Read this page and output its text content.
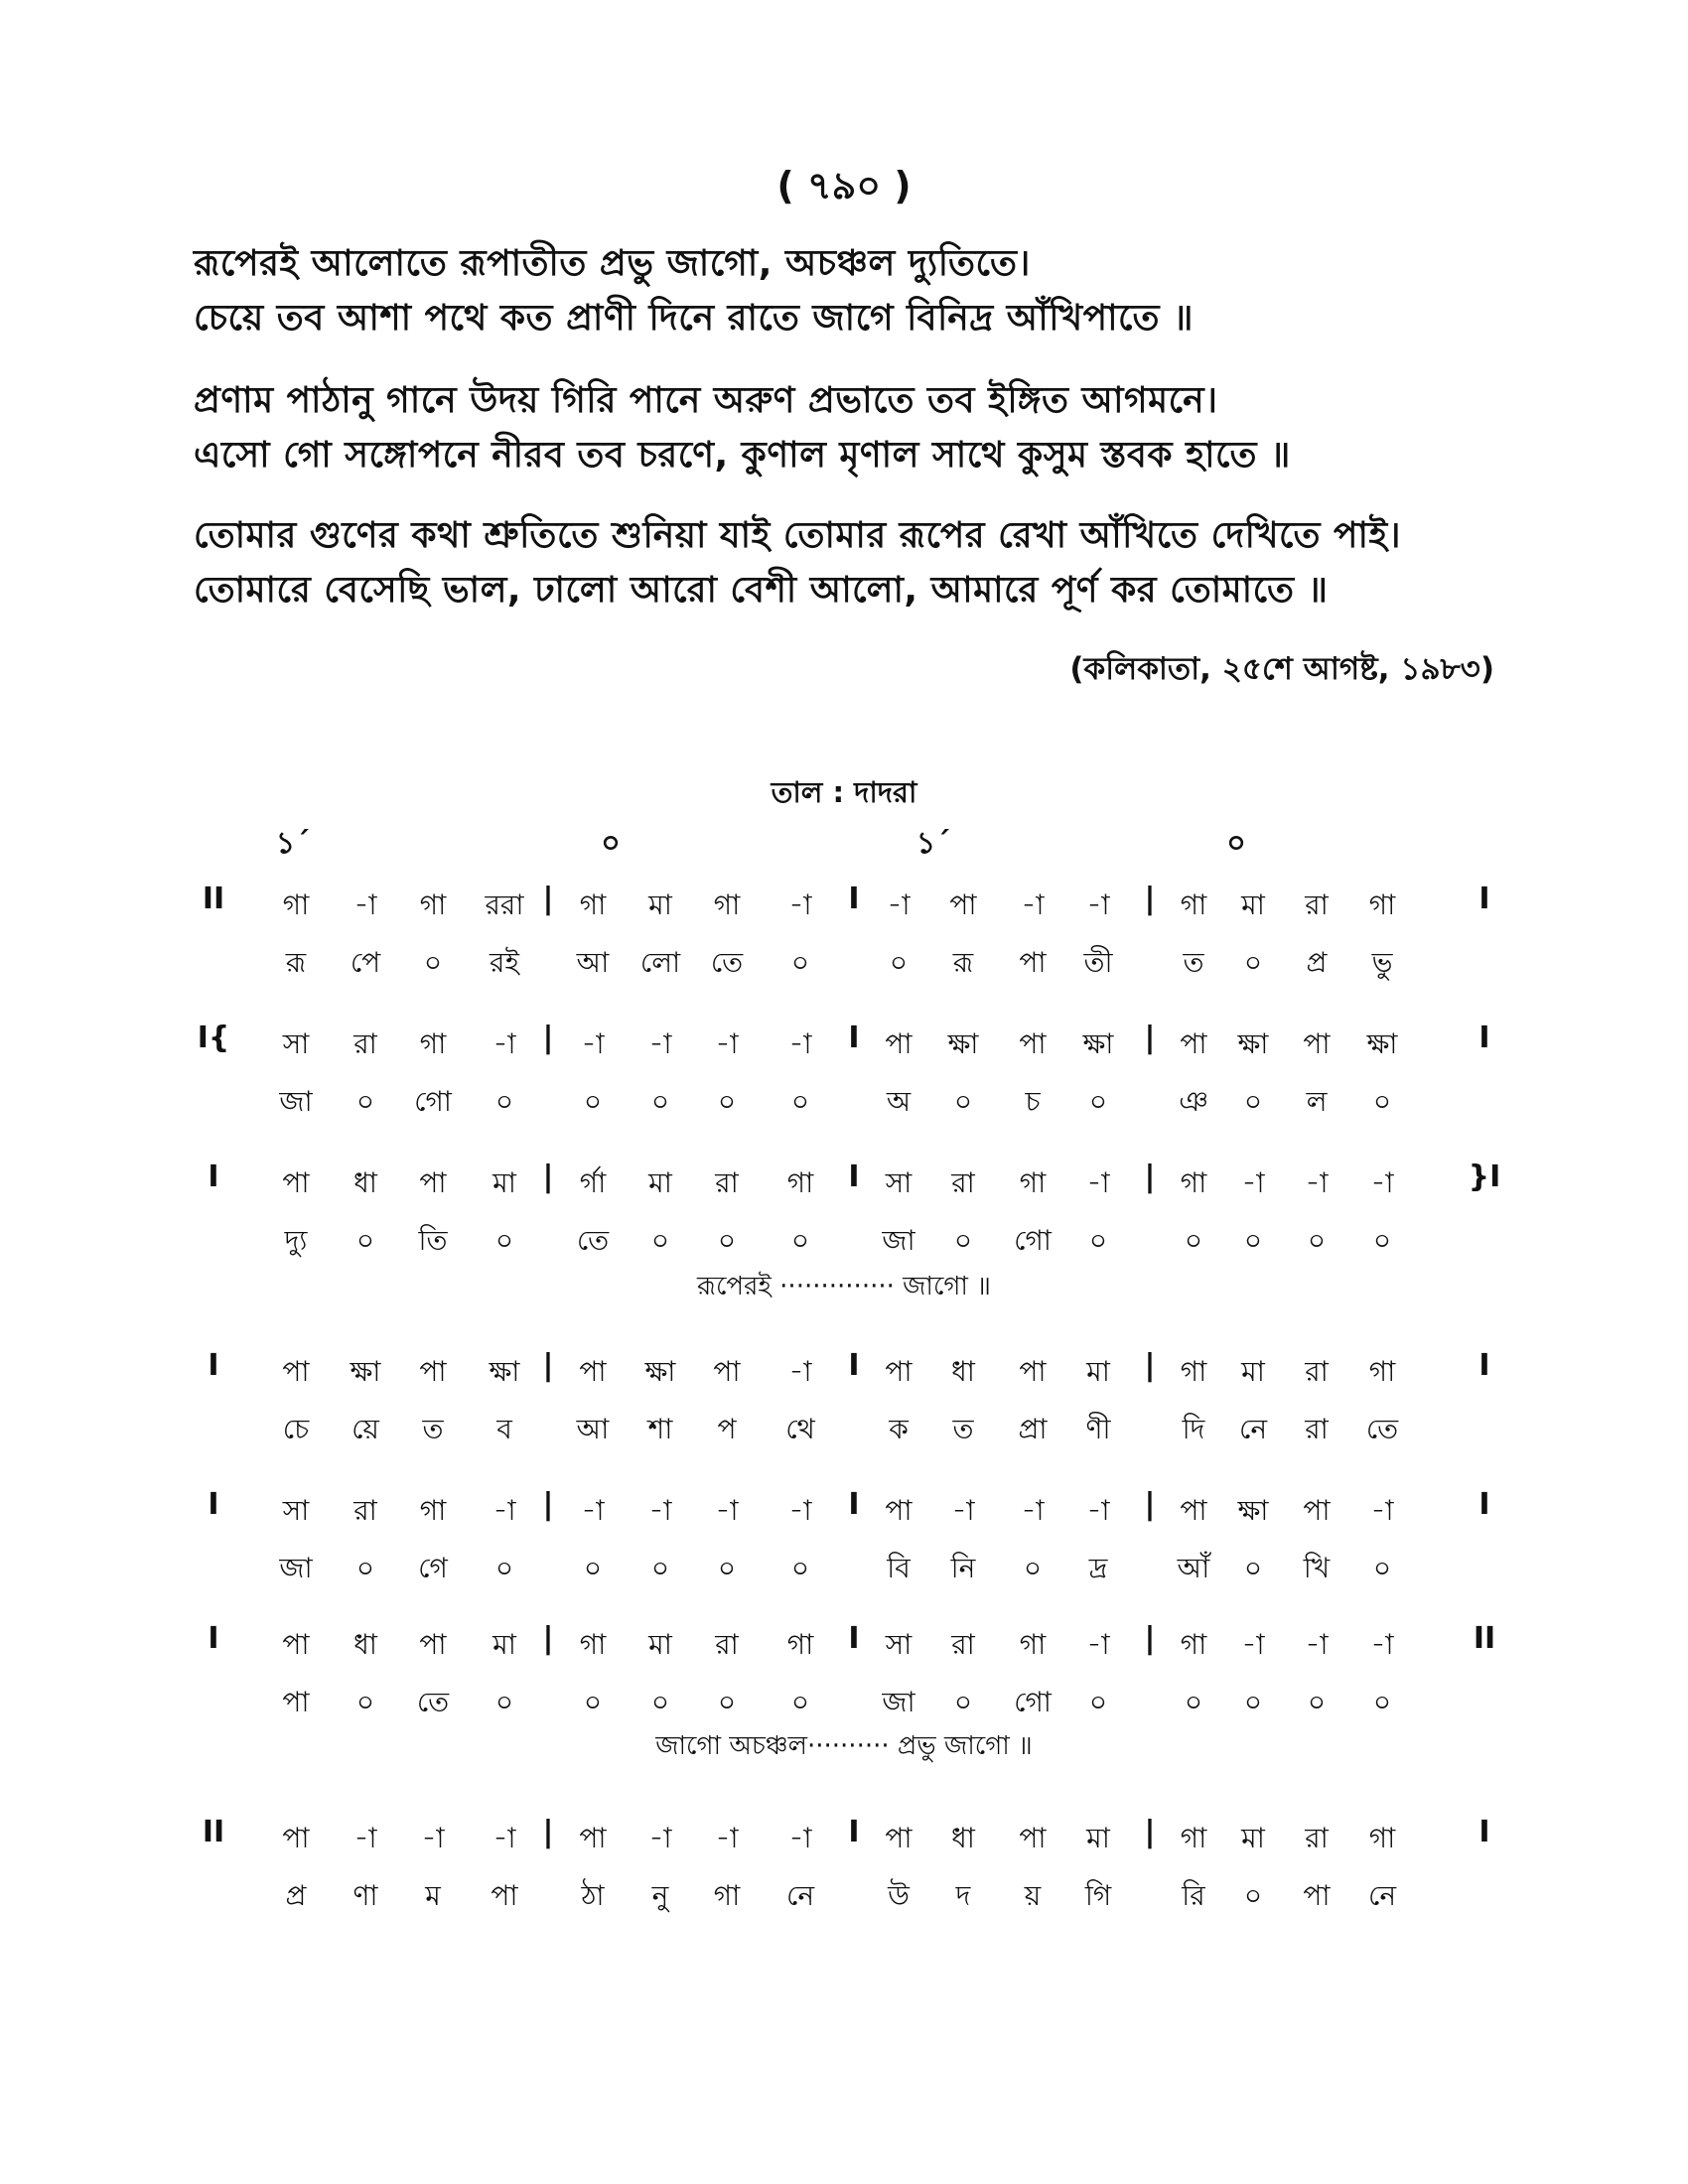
( ৭৯০ )
রূপেরই আলোতে রূপাতীত প্রভু জাগো, অচঞ্চল দ্যুতিতে।
চেয়ে তব আশা পথে কত প্রাণী দিনে রাতে জাগে বিনিদ্র আঁখিপাতে ॥
প্রণাম পাঠানু গানে উদয় গিরি পানে অরুণ প্রভাতে তব ইঙ্গিত আগমনে।
এসো গো সঙ্গোপনে নীরব তব চরণে, কুণাল মৃণাল সাথে কুসুম স্তবক হাতে ॥
তোমার গুণের কথা শ্রুতিতে শুনিয়া যাই তোমার রূপের রেখা আঁখিতে দেখিতে পাই।
তোমারে বেসেছি ভাল, ঢালো আরো বেশী আলো, আমারে পূর্ণ কর তোমাতে ॥
(কলিকাতা, ২৫শে আগষ্ট, ১৯৮৩)
তাল : দাদরা
১´	০	১´	০
II	I
|	I	|
গা	-া	গা	ররা	গা	মা	গা	-া	-া	পা	-া	-া	গা	মা	রা	গা
রূ	পে	০	রই	আ	লো	তে	০	০	রূ	পা	তী	ত	০	প্র	ভু
I{	I
|	I	|
সা	রা	গা	-া	-া	-া	-া	-া	পা	ক্ষা	পা	ক্ষা	পা	ক্ষা	পা	ক্ষা
জা	০	গো	০	০	০	০	০	অ	০	চ	০	ঞ	০	ল	০
I	}I
|	I	|
পা	ধা	পা	মা	র্গা	মা	রা	গা	সা	রা	গা	-া	গা	-া	-া	-া
দ্যু	০	তি	০	তে	০	০	০	জা	০	গো	০	০	০	০	০
রূপেরই ·············· জাগো ॥
I	I
|	I	|
পা	ক্ষা	পা	ক্ষা	পা	ক্ষা	পা	-া	পা	ধা	পা	মা	গা	মা	রা	গা
চে	য়ে	ত	ব	আ	শা	প	থে	ক	ত	প্রা	ণী	দি	নে	রা	তে
I	I
|	I	|
সা	রা	গা	-া	-া	-া	-া	-া	পা	-া	-া	-া	পা	ক্ষা	পা	-া
জা	০	গে	০	০	০	০	০	বি	নি	০	দ্র	আঁ	০	খি	০
I	II
|	I	|
পা	ধা	পা	মা	গা	মা	রা	গা	সা	রা	গা	-া	গা	-া	-া	-া
পা	০	তে	০	০	০	০	০	জা	০	গো	০	০	০	০	০
জাগো অচঞ্চল·········· প্রভু জাগো ॥
II	I
|	I	|
পা	-া	-া	-া	পা	-া	-া	-া	পা	ধা	পা	মা	গা	মা	রা	গা
প্র	ণা	ম	পা	ঠা	নু	গা	নে	উ	দ	য়	গি	রি	০	পা	নে
